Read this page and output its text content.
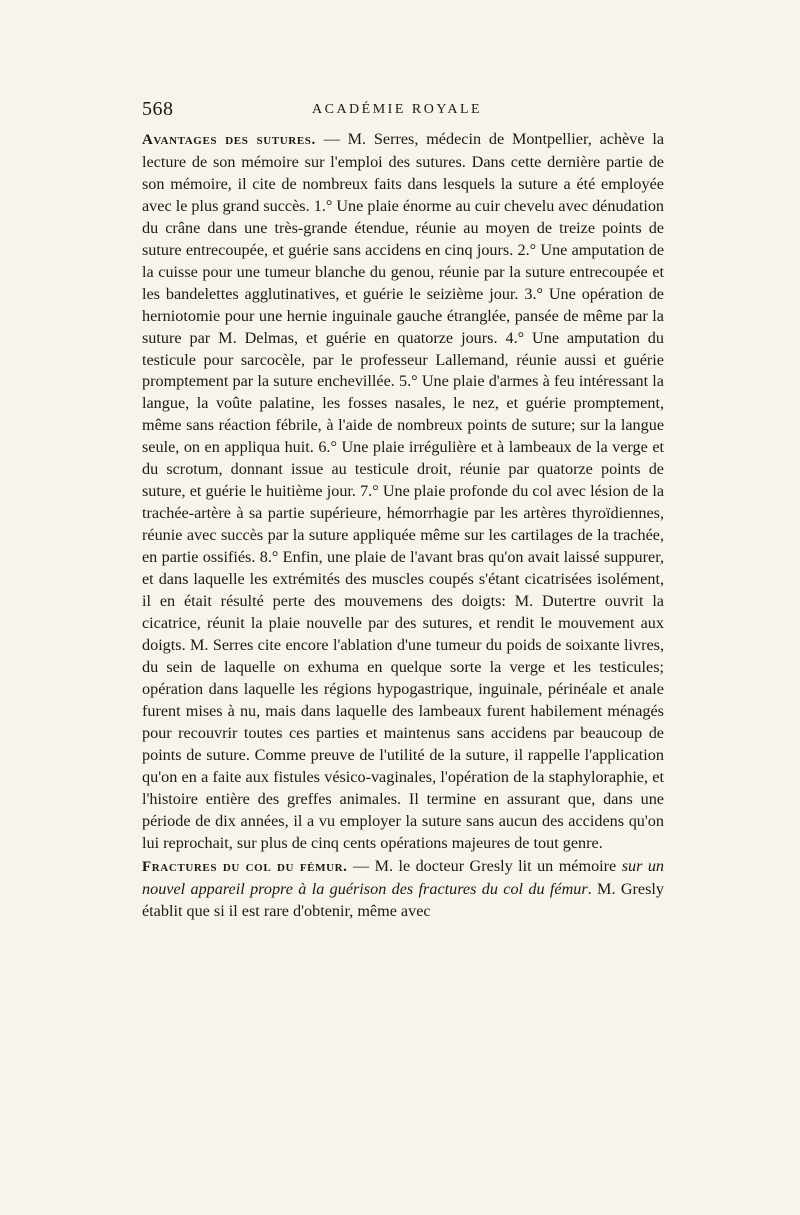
568	ACADÉMIE ROYALE

Avantages des sutures. — M. Serres, médecin de Montpellier, achève la lecture de son mémoire sur l'emploi des sutures. Dans cette dernière partie de son mémoire, il cite de nombreux faits dans lesquels la suture a été employée avec le plus grand succès. 1.° Une plaie énorme au cuir chevelu avec dénudation du crâne dans une très-grande étendue, réunie au moyen de treize points de suture entrecoupée, et guérie sans accidens en cinq jours. 2.° Une amputation de la cuisse pour une tumeur blanche du genou, réunie par la suture entrecoupée et les bandelettes agglutinatives, et guérie le seizième jour. 3.° Une opération de herniotomie pour une hernie inguinale gauche étranglée, pansée de même par la suture par M. Delmas, et guérie en quatorze jours. 4.° Une amputation du testicule pour sarcocèle, par le professeur Lallemand, réunie aussi et guérie promptement par la suture enchevillée. 5.° Une plaie d'armes à feu intéressant la langue, la voûte palatine, les fosses nasales, le nez, et guérie promptement, même sans réaction fébrile, à l'aide de nombreux points de suture; sur la langue seule, on en appliqua huit. 6.° Une plaie irrégulière et à lambeaux de la verge et du scrotum, donnant issue au testicule droit, réunie par quatorze points de suture, et guérie le huitième jour. 7.° Une plaie profonde du col avec lésion de la trachée-artère à sa partie supérieure, hémorrhagie par les artères thyroïdiennes, réunie avec succès par la suture appliquée même sur les cartilages de la trachée, en partie ossifiés. 8.° Enfin, une plaie de l'avant bras qu'on avait laissé suppurer, et dans laquelle les extrémités des muscles coupés s'étant cicatrisées isolément, il en était résulté perte des mouvemens des doigts: M. Dutertre ouvrit la cicatrice, réunit la plaie nouvelle par des sutures, et rendit le mouvement aux doigts. M. Serres cite encore l'ablation d'une tumeur du poids de soixante livres, du sein de laquelle on exhuma en quelque sorte la verge et les testicules; opération dans laquelle les régions hypogastrique, inguinale, périnéale et anale furent mises à nu, mais dans laquelle des lambeaux furent habilement ménagés pour recouvrir toutes ces parties et maintenus sans accidens par beaucoup de points de suture. Comme preuve de l'utilité de la suture, il rappelle l'application qu'on en a faite aux fistules vésico-vaginales, l'opération de la staphyloraphie, et l'histoire entière des greffes animales. Il termine en assurant que, dans une période de dix années, il a vu employer la suture sans aucun des accidens qu'on lui reprochait, sur plus de cinq cents opérations majeures de tout genre.

Fractures du col du fémur. — M. le docteur Gresly lit un mémoire sur un nouvel appareil propre à la guérison des fractures du col du fémur. M. Gresly établit que si il est rare d'obtenir, même avec
